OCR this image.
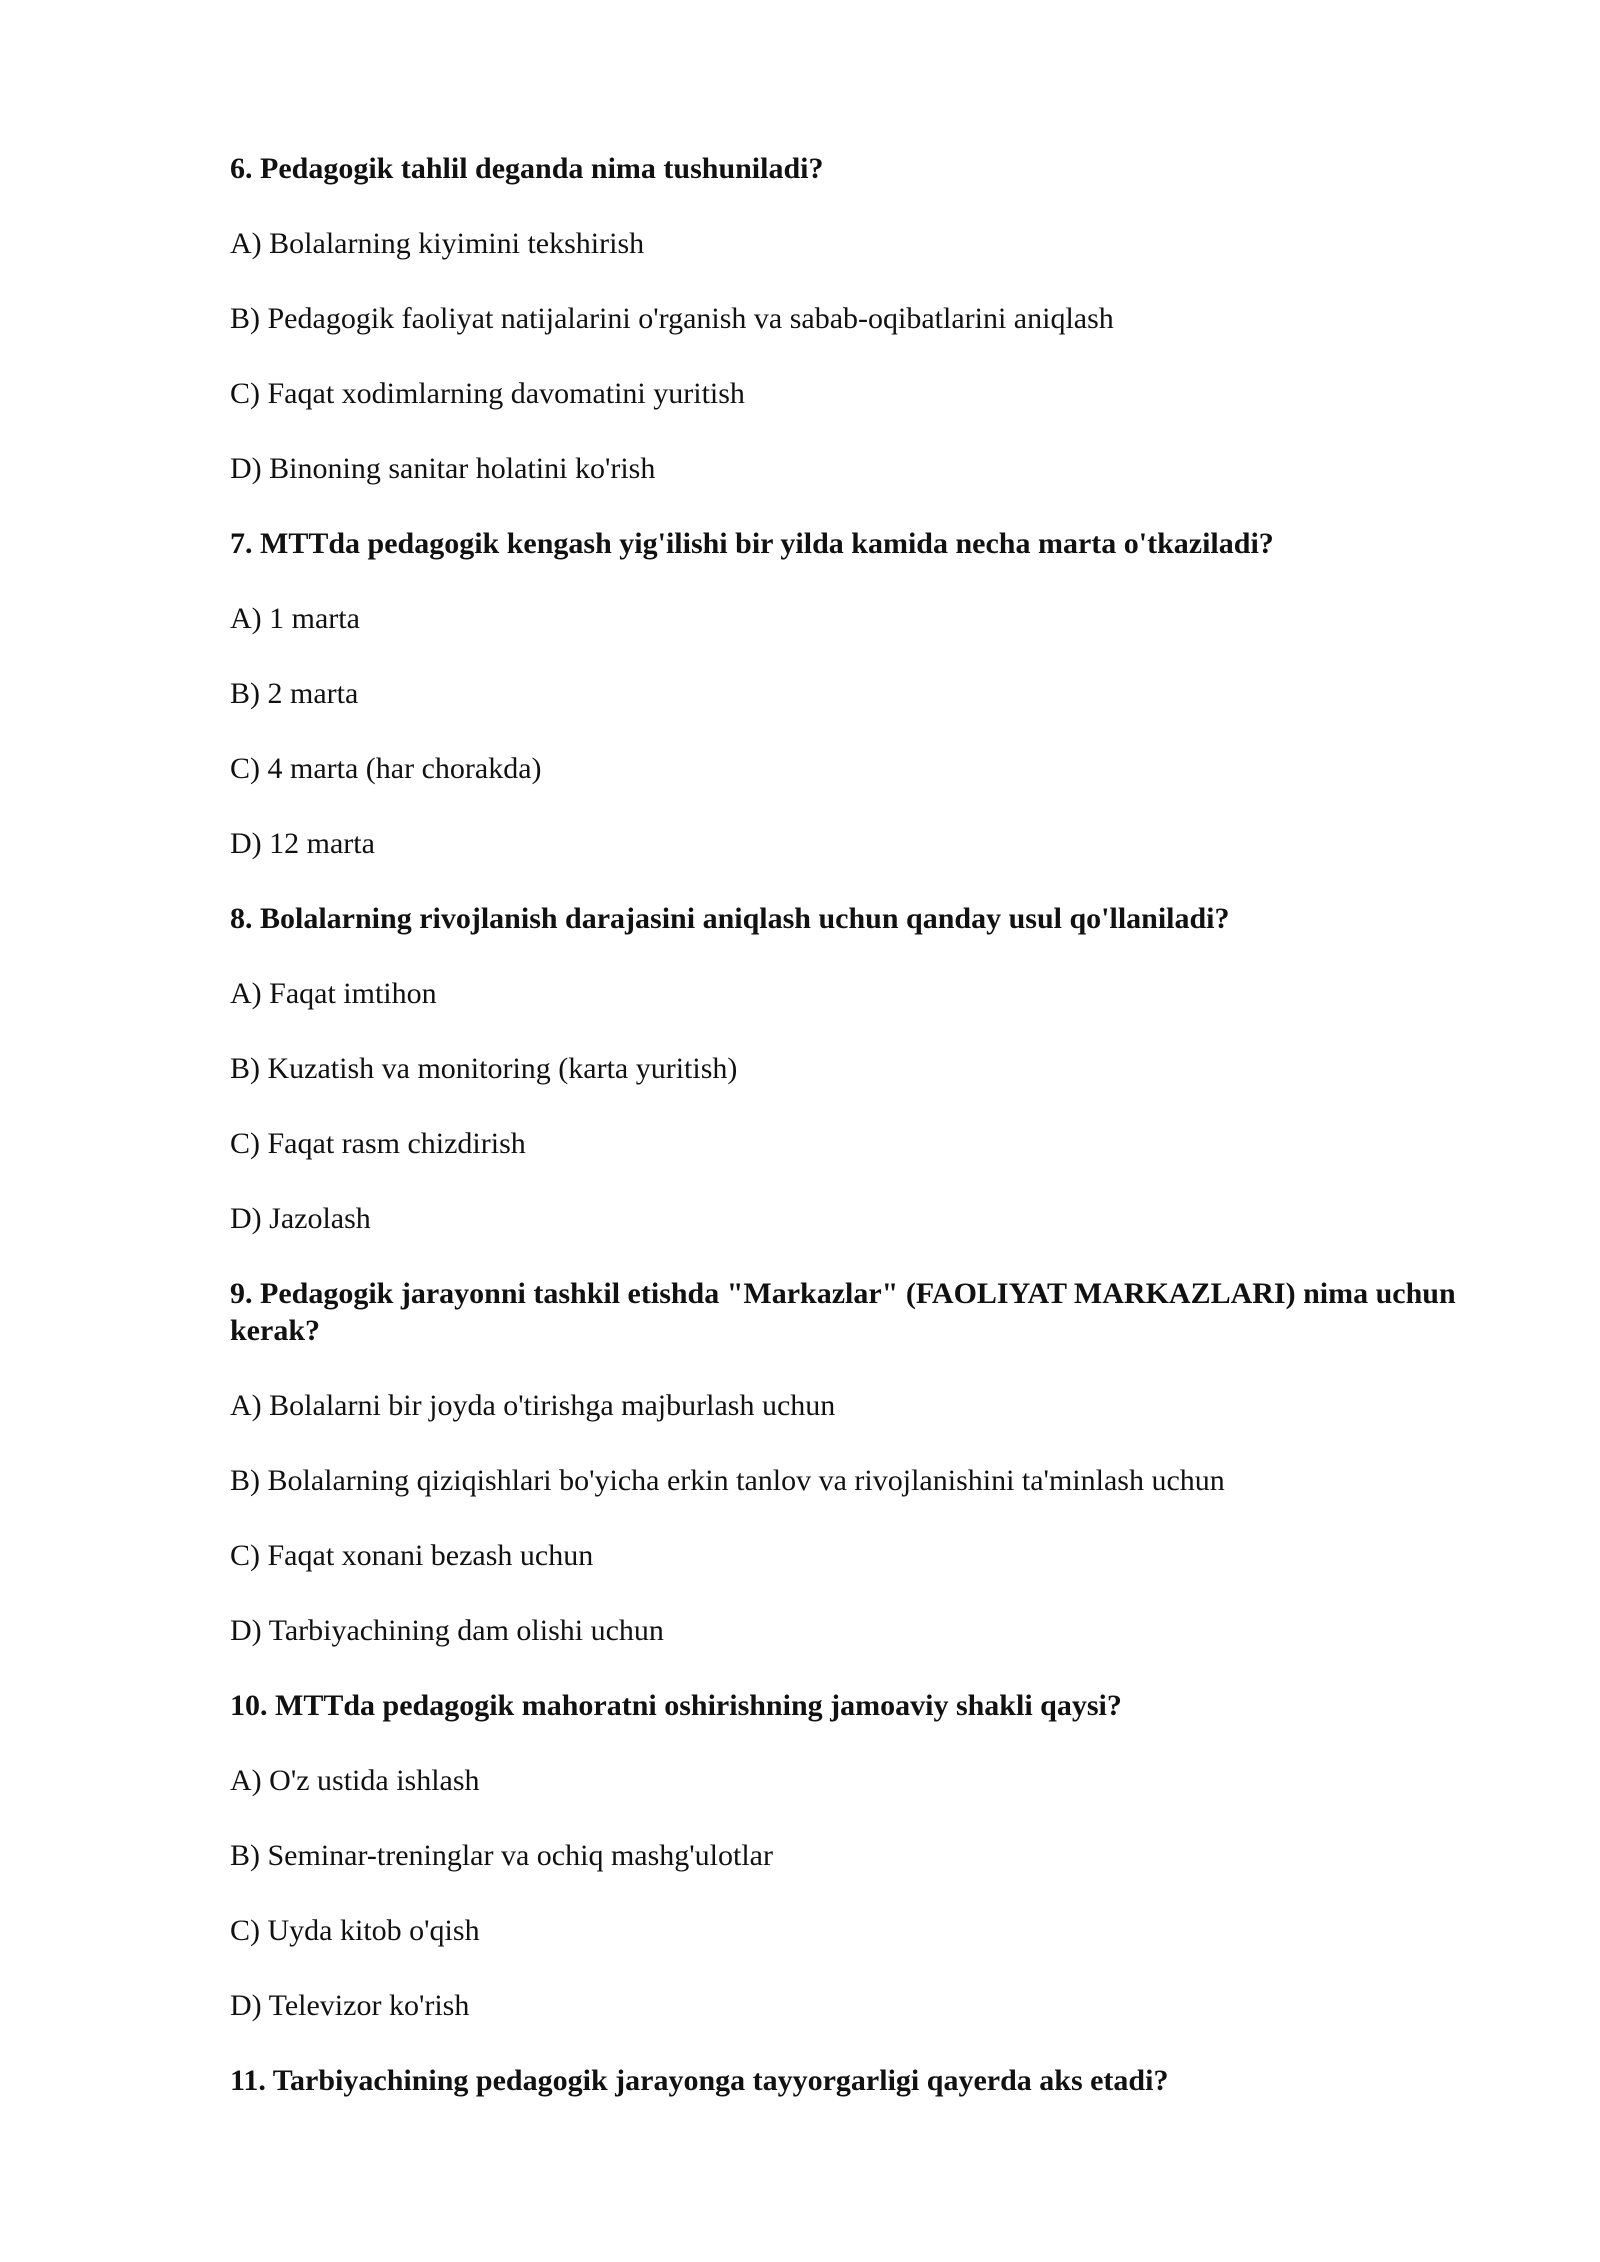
6. Pedagogik tahlil deganda nima tushuniladi?
A) Bolalarning kiyimini tekshirish
B) Pedagogik faoliyat natijalarini o'rganish va sabab-oqibatlarini aniqlash
C) Faqat xodimlarning davomatini yuritish
D) Binoning sanitar holatini ko'rish
7. MTTda pedagogik kengash yig'ilishi bir yilda kamida necha marta o'tkaziladi?
A) 1 marta
B) 2 marta
C) 4 marta (har chorakda)
D) 12 marta
8. Bolalarning rivojlanish darajasini aniqlash uchun qanday usul qo'llaniladi?
A) Faqat imtihon
B) Kuzatish va monitoring (karta yuritish)
C) Faqat rasm chizdirish
D) Jazolash
9. Pedagogik jarayonni tashkil etishda "Markazlar" (FAOLIYAT MARKAZLARI) nima uchun kerak?
A) Bolalarni bir joyda o'tirishga majburlash uchun
B) Bolalarning qiziqishlari bo'yicha erkin tanlov va rivojlanishini ta'minlash uchun
C) Faqat xonani bezash uchun
D) Tarbiyachining dam olishi uchun
10. MTTda pedagogik mahoratni oshirishning jamoaviy shakli qaysi?
A) O'z ustida ishlash
B) Seminar-treninglar va ochiq mashg'ulotlar
C) Uyda kitob o'qish
D) Televizor ko'rish
11. Tarbiyachining pedagogik jarayonga tayyorgarligi qayerda aks etadi?
